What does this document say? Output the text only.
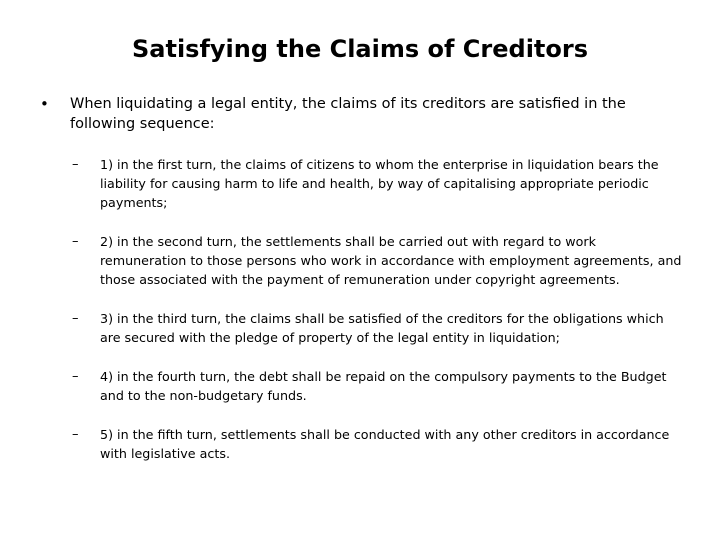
Satisfying the Claims of Creditors
•	When liquidating a legal entity, the claims of its creditors are satisfied in the following sequence:
–	1) in the first turn, the claims of citizens to whom the enterprise in liquidation bears the liability for causing harm to life and health, by way of capitalising appropriate periodic payments;
–	2) in the second turn, the settlements shall be carried out with regard to work remuneration to those persons who work in accordance with employment agreements, and those associated with the payment of remuneration under copyright agreements.
–	3) in the third turn, the claims shall be satisfied of the creditors for the obligations which are secured with the pledge of property of the legal entity in liquidation;
–	4) in the fourth turn, the debt shall be repaid on the compulsory payments to the Budget and to the non-budgetary funds.
–	5) in the fifth turn, settlements shall be conducted with any other creditors in accordance with legislative acts.
